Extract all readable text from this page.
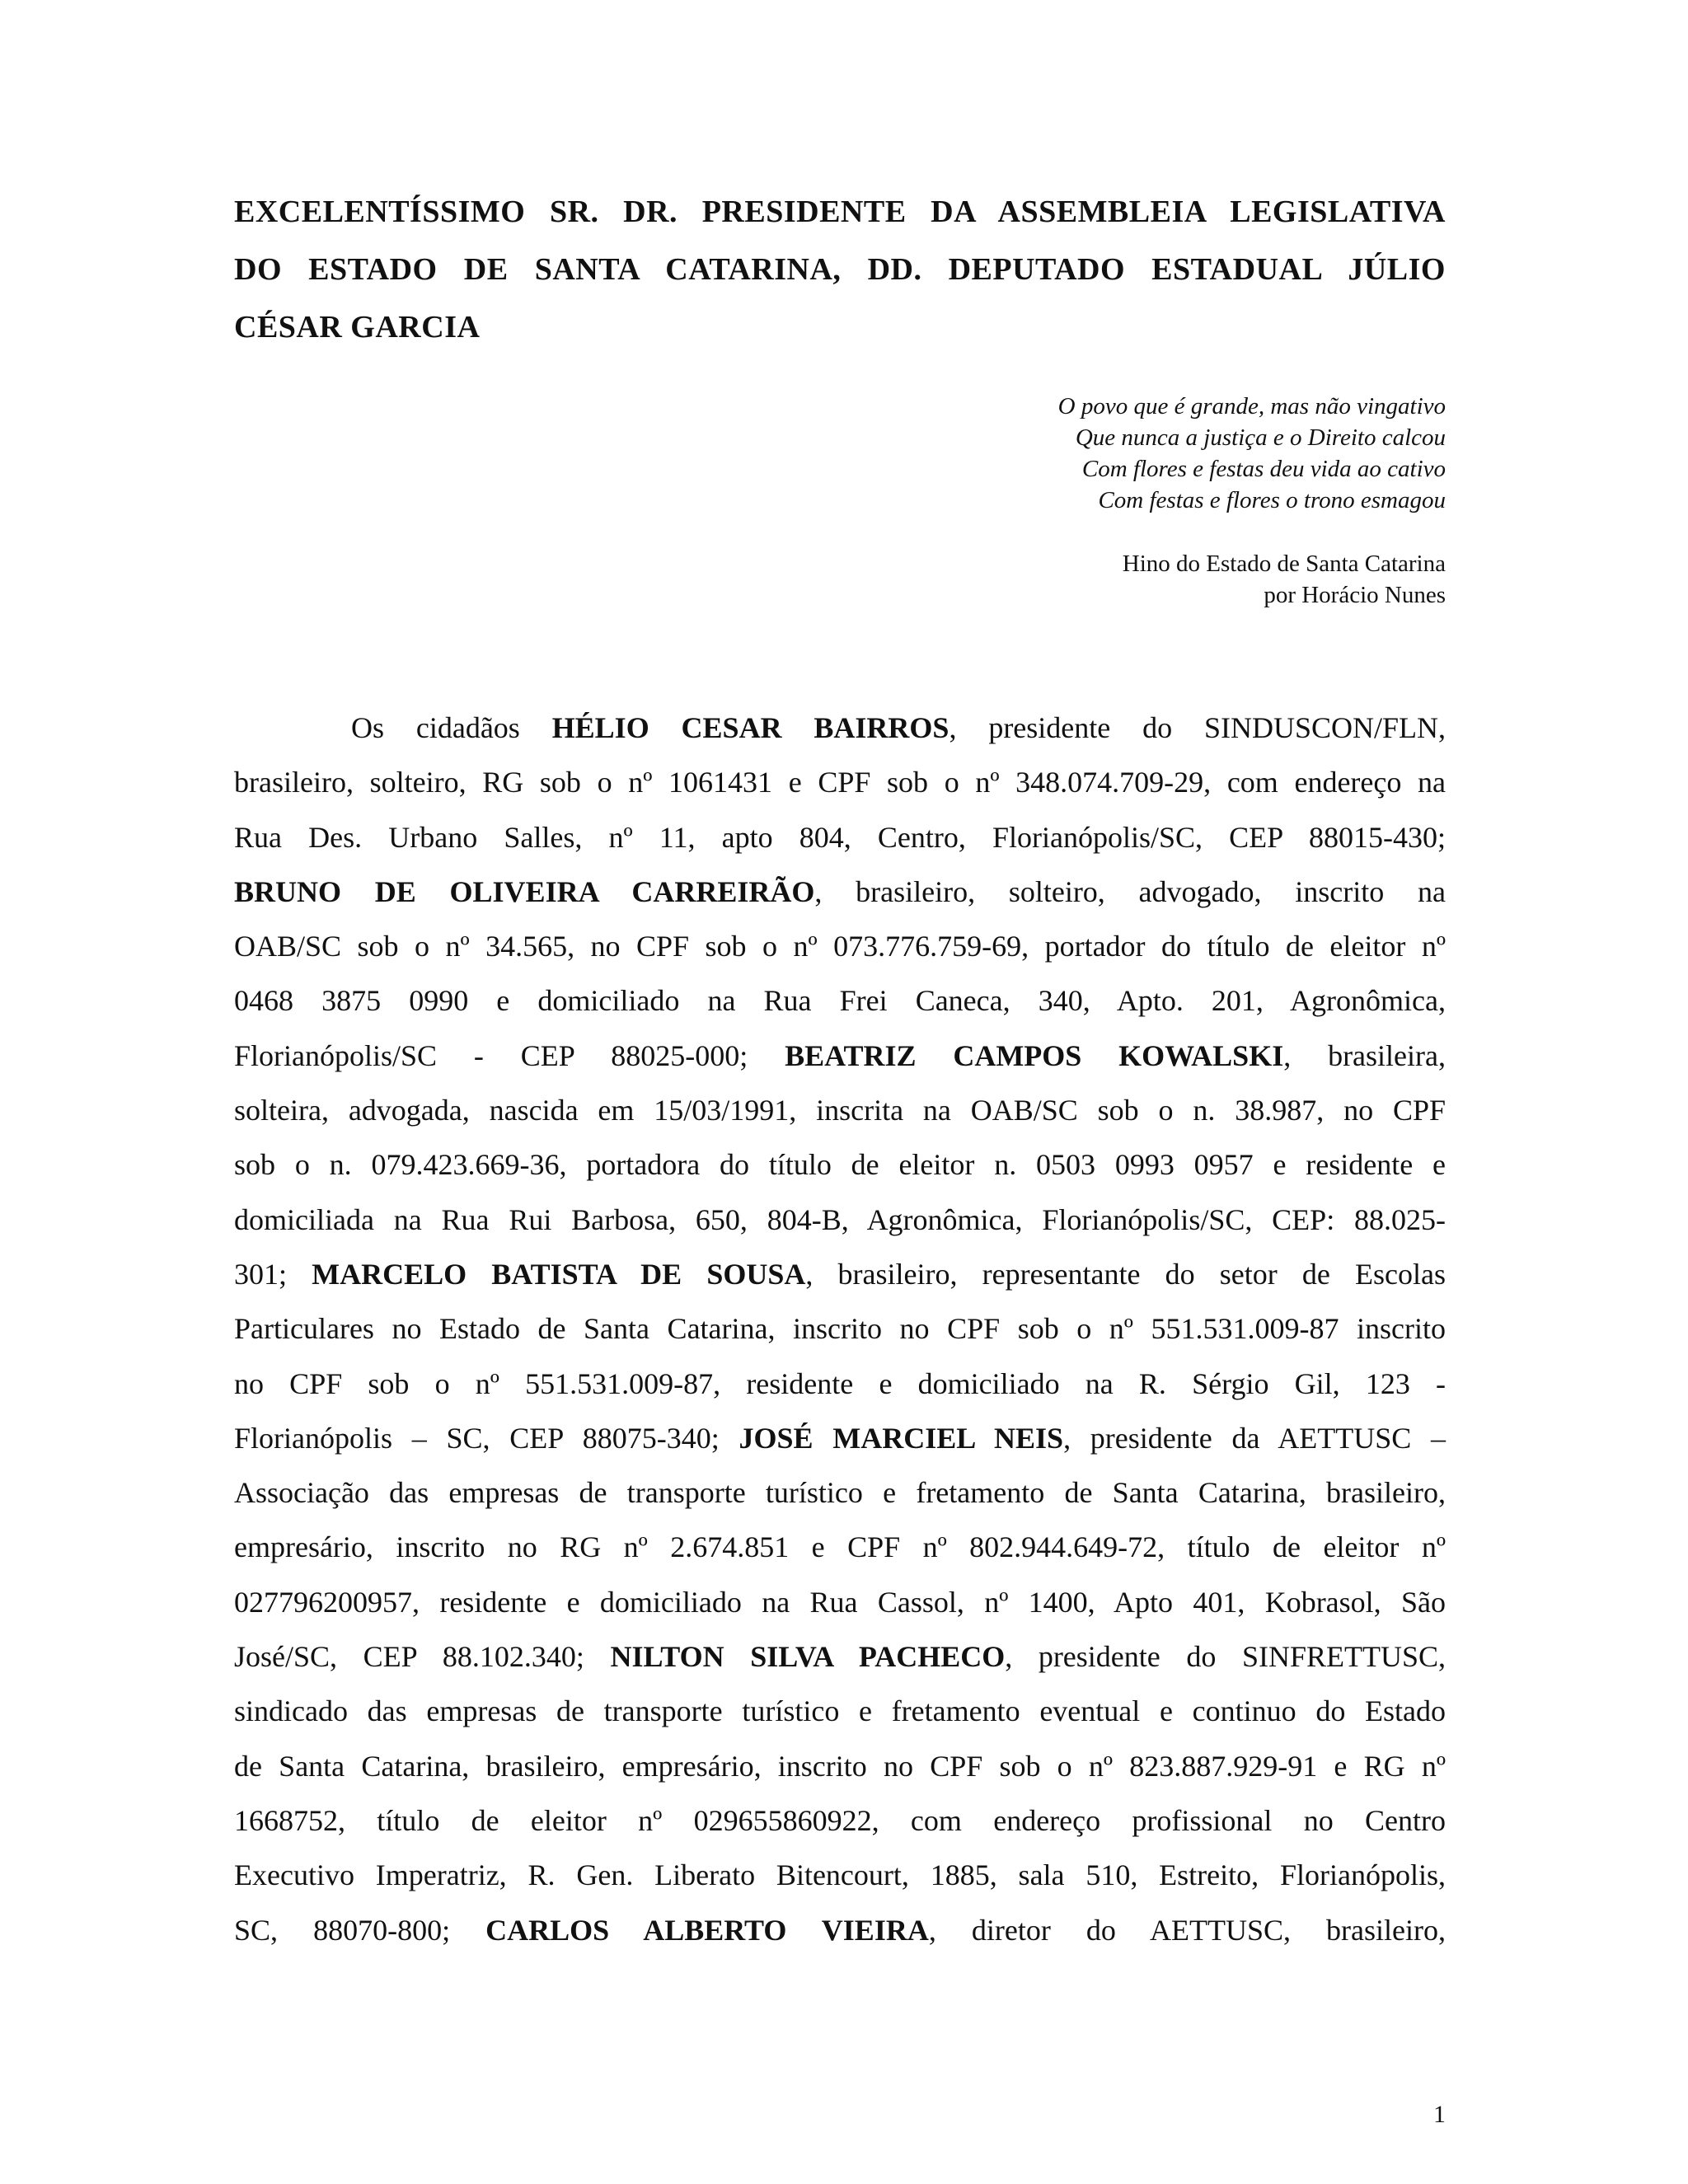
EXCELENTÍSSIMO SR. DR. PRESIDENTE DA ASSEMBLEIA LEGISLATIVA
DO ESTADO DE SANTA CATARINA, DD. DEPUTADO ESTADUAL JÚLIO
CÉSAR GARCIA
O povo que é grande, mas não vingativo
Que nunca a justiça e o Direito calcou
Com flores e festas deu vida ao cativo
Com festas e flores o trono esmagou
Hino do Estado de Santa Catarina
por Horácio Nunes
Os cidadãos HÉLIO CESAR BAIRROS, presidente do SINDUSCON/FLN,
brasileiro, solteiro, RG sob o nº 1061431 e CPF sob o nº 348.074.709-29, com endereço na
Rua Des. Urbano Salles, nº 11, apto 804, Centro, Florianópolis/SC, CEP 88015-430;
BRUNO DE OLIVEIRA CARREIRÃO, brasileiro, solteiro, advogado, inscrito na
OAB/SC sob o nº 34.565, no CPF sob o nº 073.776.759-69, portador do título de eleitor nº
0468 3875 0990 e domiciliado na Rua Frei Caneca, 340, Apto. 201, Agronômica,
Florianópolis/SC - CEP 88025-000; BEATRIZ CAMPOS KOWALSKI, brasileira,
solteira, advogada, nascida em 15/03/1991, inscrita na OAB/SC sob o n. 38.987, no CPF
sob o n. 079.423.669-36, portadora do título de eleitor n. 0503 0993 0957 e residente e
domiciliada na Rua Rui Barbosa, 650, 804-B, Agronômica, Florianópolis/SC, CEP: 88.025-
301; MARCELO BATISTA DE SOUSA, brasileiro, representante do setor de Escolas
Particulares no Estado de Santa Catarina, inscrito no CPF sob o nº 551.531.009-87 inscrito
no CPF sob o nº 551.531.009-87, residente e domiciliado na R. Sérgio Gil, 123 -
Florianópolis – SC, CEP 88075-340; JOSÉ MARCIEL NEIS, presidente da AETTUSC –
Associação das empresas de transporte turístico e fretamento de Santa Catarina, brasileiro,
empresário, inscrito no RG nº 2.674.851 e CPF nº 802.944.649-72, título de eleitor nº
027796200957, residente e domiciliado na Rua Cassol, nº 1400, Apto 401, Kobrasol, São
José/SC, CEP 88.102.340; NILTON SILVA PACHECO, presidente do SINFRETTUSC,
sindicado das empresas de transporte turístico e fretamento eventual e continuo do Estado
de Santa Catarina, brasileiro, empresário, inscrito no CPF sob o nº 823.887.929-91 e RG nº
1668752, título de eleitor nº 029655860922, com endereço profissional no Centro
Executivo Imperatriz, R. Gen. Liberato Bitencourt, 1885, sala 510, Estreito, Florianópolis,
SC, 88070-800; CARLOS ALBERTO VIEIRA, diretor do AETTUSC, brasileiro,
1
